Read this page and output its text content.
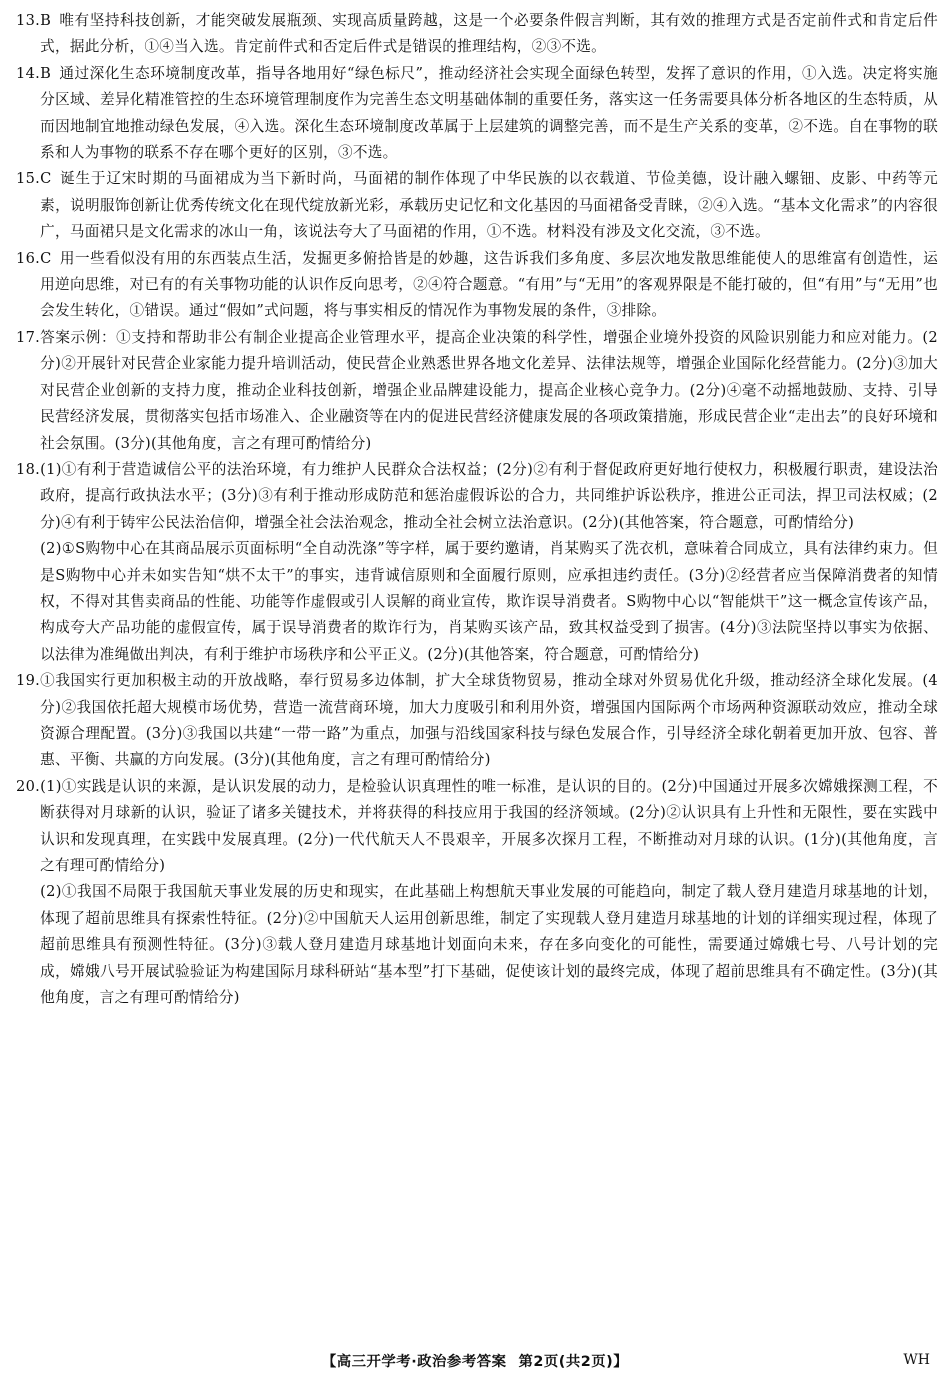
13. B 唯有坚持科技创新，才能突破发展瓶颈、实现高质量跨越，这是一个必要条件假言判断，其有效的推理方式是否定前件式和肯定后件式，据此分析，①④当入选。肯定前件式和否定后件式是错误的推理结构，②③不选。
14. B 通过深化生态环境制度改革，指导各地用好“绿色标尺”，推动经济社会实现全面绿色转型，发挥了意识的作用，①入选。决定将实施分区域、差异化精准管控的生态环境管理制度作为完善生态文明基础体制的重要任务，落实这一任务需要具体分析各地区的生态特质，从而因地制宜地推动绿色发展，④入选。深化生态环境制度改革属于上层建筑的调整完善，而不是生产关系的变革，②不选。自在事物的联系和人为事物的联系不存在哪个更好的区别，③不选。
15. C 诞生于辽宋时期的马面裙成为当下新时尚，马面裙的制作体现了中华民族的以衣载道、节俭美德，设计融入螺钿、皮影、中药等元素，说明服饰创新让优秀传统文化在现代绽放新光彩，承载历史记忆和文化基因的马面裙备受青睐，②④入选。“基本文化需求”的内容很广，马面裙只是文化需求的冰山一角，该说法夸大了马面裙的作用，①不选。材料没有涉及文化交流，③不选。
16. C 用一些看似没有用的东西装点生活，发掘更多俯拾皆是的妙趣，这告诉我们多角度、多层次地发散思维能使人的思维富有创造性，运用逆向思维，对已有的有关事物功能的认识作反向思考，②④符合题意。“有用”与“无用”的客观界限是不能打破的，但“有用”与“无用”也会发生转化，①错误。通过“假如”式问题，将与事实相反的情况作为事物发展的条件，③排除。
17. 答案示例：①支持和帮助非公有制企业提高企业管理水平，提高企业决策的科学性，增强企业境外投资的风险识别能力和应对能力。(2分)②开展针对民营企业家能力提升培训活动，使民营企业熟悉世界各地文化差异、法律法规等，增强企业国际化经营能力。(2分)③加大对民营企业创新的支持力度，推动企业科技创新，增强企业品牌建设能力，提高企业核心竞争力。(2分)④毫不动摇地鼓励、支持、引导民营经济发展，贯彻落实包括市场准入、企业融资等在内的促进民营经济健康发展的各项政策措施，形成民营企业“走出去”的良好环境和社会氛围。(3分)(其他角度，言之有理可酌情给分)
18. (1)①有利于营造诚信公平的法治环境，有力维护人民群众合法权益；(2分)②有利于督促政府更好地行使权力，积极履行职责，建设法治政府，提高行政执法水平；(3分)③有利于推动形成防范和惩治虚假诉讼的合力，共同维护诉讼秩序，推进公正司法，捍卫司法权威；(2分)④有利于铸牢公民法治信仰，增强全社会法治观念，推动全社会树立法治意识。(2分)(其他答案，符合题意，可酌情给分)
(2)①S购物中心在其商品展示页面标明“全自动洗涤”等字样，属于要约邀请，肖某购买了洗衣机，意味着合同成立，具有法律约束力。但是S购物中心并未如实告知“烘不太干”的事实，违背诚信原则和全面履行原则，应承担违约责任。(3分)②经营者应当保障消费者的知情权，不得对其售卖商品的性能、功能等作虚假或引人误解的商业宣传，欺诈误导消费者。S购物中心以“智能烘干”这一概念宣传该产品，构成夸大产品功能的虚假宣传，属于误导消费者的欺诈行为，肖某购买该产品，致其权益受到了损害。(4分)③法院坚持以事实为依据、以法律为准绳做出判决，有利于维护市场秩序和公平正义。(2分)(其他答案，符合题意，可酌情给分)
19. ①我国实行更加积极主动的开放战略，奉行贸易多边体制，扩大全球货物贸易，推动全球对外贸易优化升级，推动经济全球化发展。(4分)②我国依托超大规模市场优势，营造一流营商环境，加大力度吸引和利用外资，增强国内国际两个市场两种资源联动效应，推动全球资源合理配置。(3分)③我国以共建“一带一路”为重点，加强与沿线国家科技与绿色发展合作，引导经济全球化朝着更加开放、包容、普惠、平衡、共赢的方向发展。(3分)(其他角度，言之有理可酌情给分)
20. (1)①实践是认识的来源，是认识发展的动力，是检验认识真理性的唯一标准，是认识的目的。(2分)中国通过开展多次嫦娥探测工程，不断获得对月球新的认识，验证了诸多关键技术，并将获得的科技应用于我国的经济领域。(2分)②认识具有上升性和无限性，要在实践中认识和发现真理，在实践中发展真理。(2分)一代代航天人不畏艰辛，开展多次探月工程，不断推动对月球的认识。(1分)(其他角度，言之有理可酌情给分)
(2)①我国不局限于我国航天事业发展的历史和现实，在此基础上构想航天事业发展的可能趋向，制定了载人登月建造月球基地的计划，体现了超前思维具有探索性特征。(2分)②中国航天人运用创新思维，制定了实现载人登月建造月球基地的计划的详细实现过程，体现了超前思维具有预测性特征。(3分)③载人登月建造月球基地计划面向未来，存在多向变化的可能性，需要通过嫦娥七号、八号计划的完成，嫦娥八号开展试验验证为构建国际月球科研站“基本型”打下基础，促使该计划的最终完成，体现了超前思维具有不确定性。(3分)(其他角度，言之有理可酌情给分)
【高三开学考·政治参考答案 第2页(共2页)】	WH
